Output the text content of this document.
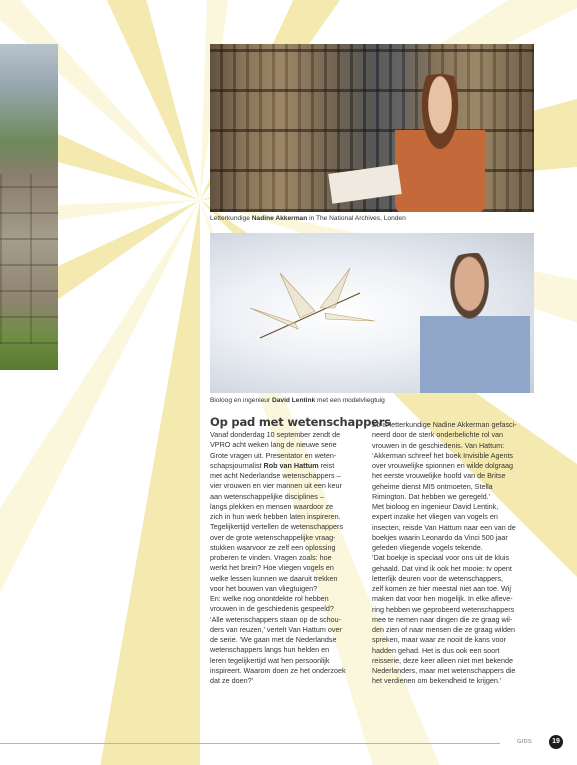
Letterkundige Nadine Akkerman in The National Archives, Londen
Bioloog en ingenieur David Lentink met een modelvliegtuig
Op pad met wetenschappers
Vanaf donderdag 10 september zendt de
VPRO acht weken lang de nieuwe serie
Grote vragen uit. Presentator en weten-
schapsjournalist Rob van Hattum reist
met acht Nederlandse wetenschappers –
vier vrouwen en vier mannen uit een keur
aan wetenschappelijke disciplines –
langs plekken en mensen waardoor ze
zich in hun werk hebben laten inspireren.
Tegelijkertijd vertellen de wetenschappers
over de grote wetenschappelijke vraag-
stukken waarvoor ze zelf een oplossing
proberen te vinden. Vragen zoals: hoe
werkt het brein? Hoe vliegen vogels en
welke lessen kunnen we daaruit trekken
voor het bouwen van vliegtuigen?
En: welke nog onontdekte rol hebben
vrouwen in de geschiedenis gespeeld?
‘Alle wetenschappers staan op de schou-
ders van reuzen,’ vertelt Van Hattum over
de serie. ‘We gaan met de Nederlandse
wetenschappers langs hun helden en
leren tegelijkertijd wat hen persoonlijk
inspireert. Waarom doen ze het onderzoek
dat ze doen?’
Zo is letterkundige Nadine Akkerman gefasci-
neerd door de sterk onderbelichte rol van
vrouwen in de geschiedenis. Van Hattum:
‘Akkerman schreef het boek Invisible Agents
over vrouwelijke spionnen en wilde dolgraag
het eerste vrouwelijke hoofd van de Britse
geheime dienst MI5 ontmoeten, Stella
Rimington. Dat hebben we geregeld.’
Met bioloog en ingenieur David Lentink,
expert inzake het vliegen van vogels en
insecten, reisde Van Hattum naar een van de
boekjes waarin Leonardo da Vinci 500 jaar
geleden vliegende vogels tekende.
‘Dat boekje is speciaal voor ons uit de kluis
gehaald. Dat vind ik ook het mooie: tv opent
letterlijk deuren voor de wetenschappers,
zelf komen ze hier meestal niet aan toe. Wij
maken dat voor hen mogelijk. In elke afleve-
ring hebben we geprobeerd wetenschappers
mee te nemen naar dingen die ze graag wil-
den zien of naar mensen die ze graag wilden
spreken, maar waar ze nooit de kans voor
hadden gehad. Het is dus ook een soort
reisserie, deze keer alleen niet met bekende
Nederlanders, maar met wetenschappers die
het verdienen om bekendheid te krijgen.’
GIDS	19
